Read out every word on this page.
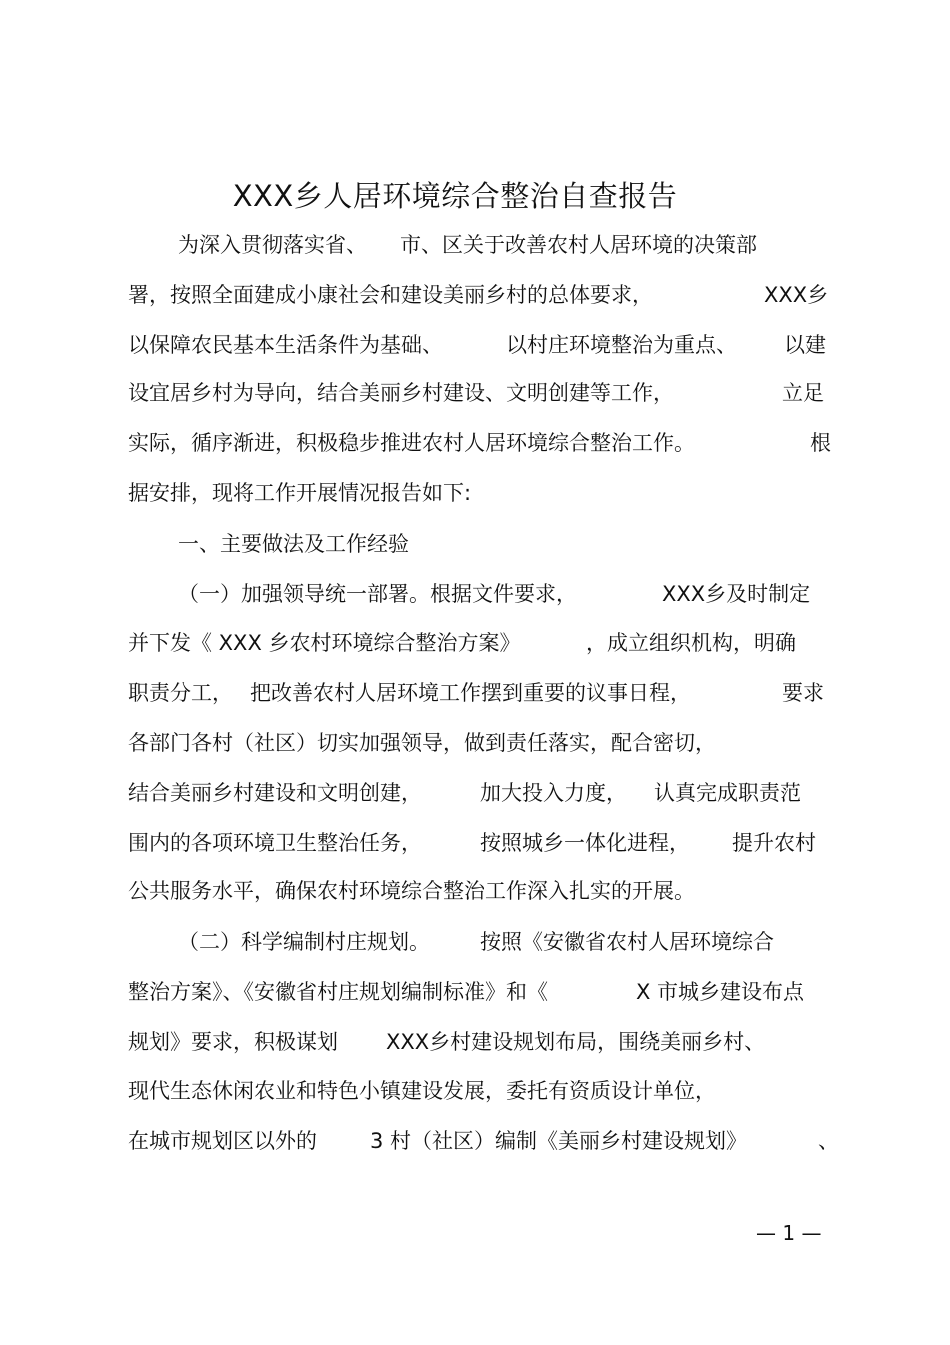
XXX乡人居环境综合整治自查报告
为深入贯彻落实省、 市、区关于改善农村人居环境的决策部
署，按照全面建成小康社会和建设美丽乡村的总体要求，	XXX乡
以保障农民基本生活条件为基础、	以村庄环境整治为重点、 以建
设宜居乡村为导向，结合美丽乡村建设、文明创建等工作，	立足
实际，循序渐进，积极稳步推进农村人居环境综合整治工作。	根
据安排，现将工作开展情况报告如下:
一、主要做法及工作经验
（一）加强领导统一部署。根据文件要求，	XXX乡及时制定
并下发《 XXX 乡农村环境综合整治方案》	，成立组织机构，明确
职责分工， 把改善农村人居环境工作摆到重要的议事日程，	要求
各部门各村（社区）切实加强领导，做到责任落实，配合密切，
结合美丽乡村建设和文明创建，	加大投入力度， 认真完成职责范
围内的各项环境卫生整治任务，	按照城乡一体化进程， 提升农村
公共服务水平，确保农村环境综合整治工作深入扎实的开展。
（二）科学编制村庄规划。 按照《安徽省农村人居环境综合
整治方案》、《安徽省村庄规划编制标准》和《	X 市城乡建设布点
规划》要求，积极谋划 XXX乡村建设规划布局，围绕美丽乡村、
现代生态休闲农业和特色小镇建设发展，委托有资质设计单位，
在城市规划区以外的	3 村（社区）编制《美丽乡村建设规划》	、
— 1 —
